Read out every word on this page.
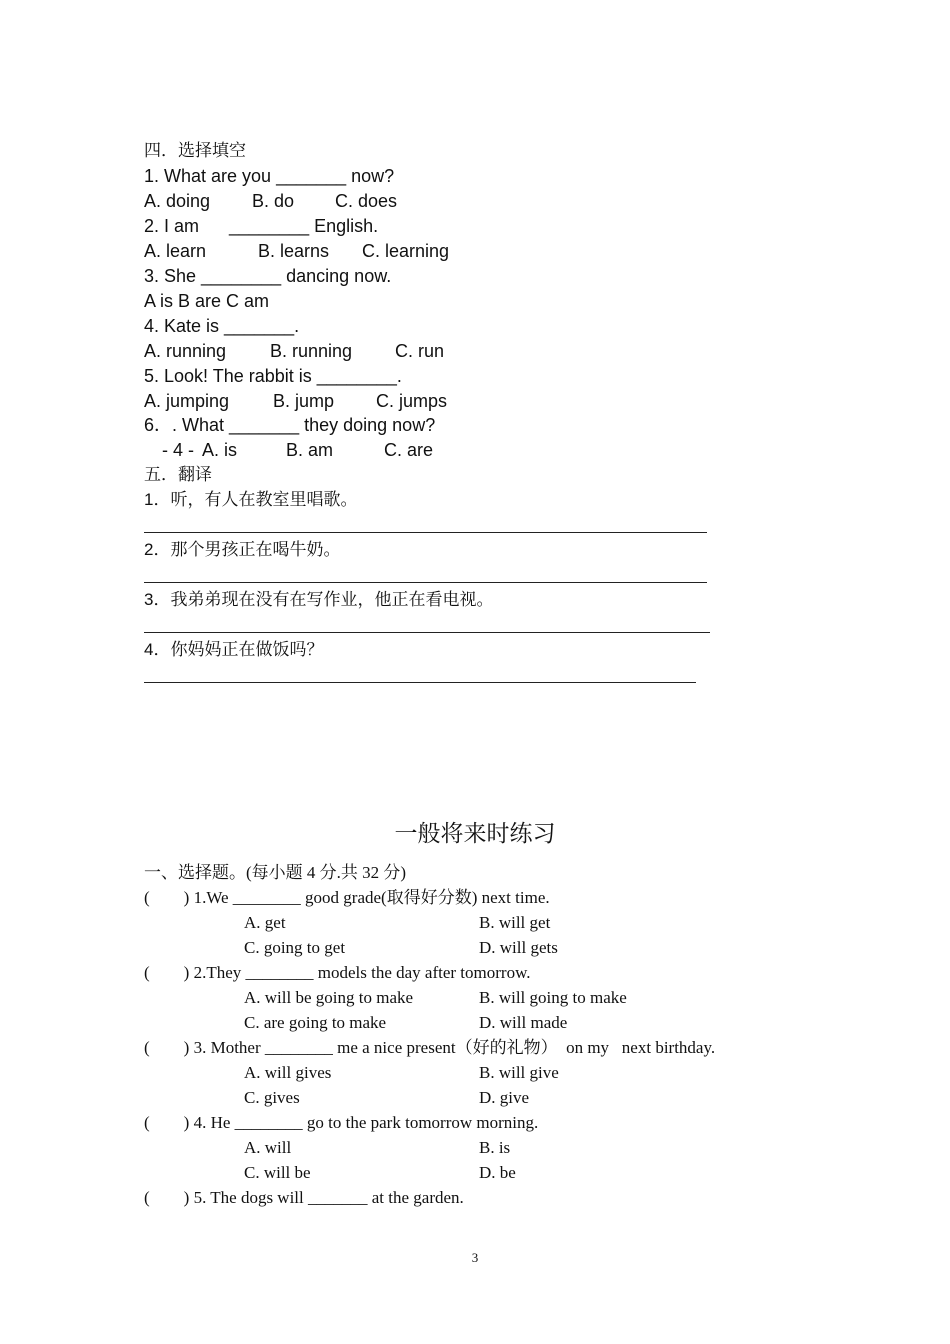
四．选择填空
1. What are you _______ now?
A. doing B. do C. does
2. I am      ________ English.
A. learn	B. learns C. learning
3. She ________ dancing now.
A is B are C am
4. Kate is _______.
A. running B. running C. run
5. Look! The rabbit is ________.
A. jumping B. jump C. jumps
6．. What _______ they doing now?
- 4 - A. is	B. am	C. are
五．翻译
1．听，有人在教室里唱歌。
2．那个男孩正在喝牛奶。
3．我弟弟现在没有在写作业，他正在看电视。
4．你妈妈正在做饭吗？
一般将来时练习
一、选择题。(每小题 4 分.共 32 分)
(        ) 1.We ________ good grade(取得好分数) next time.
A. get	B. will get
C. going to get	D. will gets
(        ) 2.They ________ models the day after tomorrow.
A. will be going to make	B. will going to make
C. are going to make	D. will made
(        ) 3. Mother ________ me a nice present（好的礼物）  on my   next birthday.
A. will gives	B. will give
C. gives	D. give
(        ) 4. He ________ go to the park tomorrow morning.
A. will	B. is
C. will be	D. be
(        ) 5. The dogs will _______ at the garden.
3
